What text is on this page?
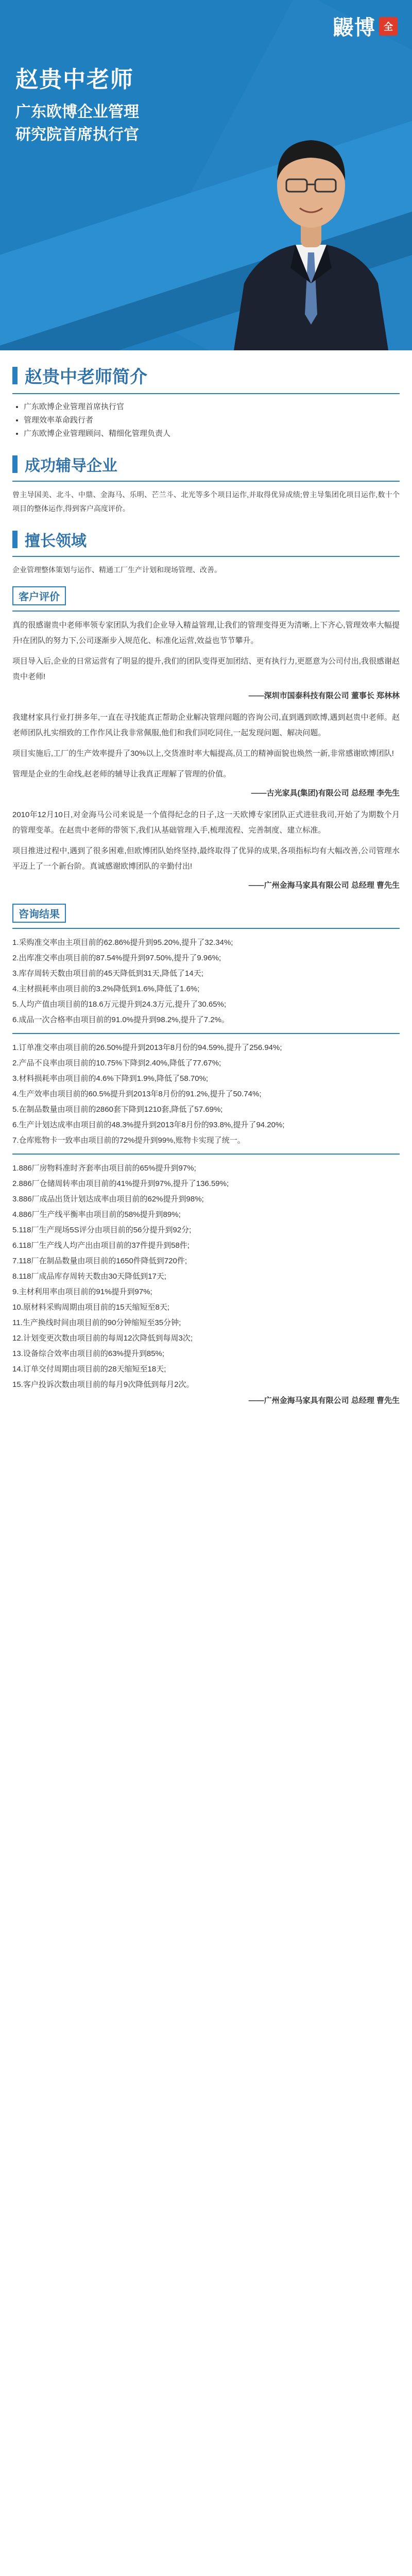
鼹博 全
赵贵中老师
广东欧博企业管理
研究院首席执行官
赵贵中老师简介
• 广东欧博企业管理首席执行官
• 管理效率革命践行者
• 广东欧博企业管理顾问、精细化管理负责人
成功辅导企业

曾主导国美、北斗、中鼎、金海马、乐明、芒兰斗、北光等多个项目运作,并取得优异成绩;曾主导集团化项目运作,数十个项目的整体运作,得到客户高度评价。

擅长领域

企业管理整体策划与运作、精通工厂生产计划和现场管理、改善。

客户评价

真的很感谢贵中老师率领专家团队为我们企业导入精益管理,让我们的管理变得更为清晰,上下齐心,管理效率大幅提升!在团队的努力下,公司逐渐步入规范化、标准化运营,效益也节节攀升。

项目导入后,企业的日常运营有了明显的提升,我们的团队变得更加团结、更有执行力,更愿意为公司付出,我很感谢赵贵中老师!

—— 深圳市国泰科技有限公司 董事长 郑林林

我建材家具行业打拼多年,一直在寻找能真正帮助企业解决管理问题的咨询公司,直到遇到欧博,遇到赵贵中老师。赵老师团队扎实细致的工作作风让我非常佩服,他们和我们同吃同住,一起发现问题、解决问题。

项目实施后,工厂的生产效率提升了30%以上,交货准时率大幅提高,员工的精神面貌也焕然一新,非常感谢欧博团队!

管理是企业的生命线,赵老师的辅导让我真正理解了管理的价值。

—— 古光家具(集团)有限公司 总经理 李先生

2010年12月10日,对金海马公司来说是一个值得纪念的日子,这一天欧博专家团队正式进驻我司,开始了为期数个月的管理变革。在赵贵中老师的带领下,我们从基础管理入手,梳理流程、完善制度、建立标准。

项目推进过程中,遇到了很多困难,但欧博团队始终坚持,最终取得了优异的成果,各项指标均有大幅改善,公司管理水平迈上了一个新台阶。真诚感谢欧博团队的辛勤付出!

—— 广州金海马家具有限公司 总经理 曹先生
咨询结果

1.采购准交率由主项目前的62.86%提升到95.20%,提升了32.34%;

2.出库准交率由项目前的87.54%提升到97.50%,提升了9.96%;

3.库存周转天数由项目前的45天降低到31天,降低了14天;

4.主材损耗率由项目前的3.2%降低到1.6%,降低了1.6%;

5.人均产值由项目前的18.6万元提升到24.3万元,提升了30.65%;

6.成品一次合格率由项目前的91.0%提升到98.2%,提升了7.2%。

1.订单准交率由项目前的26.50%提升到2013年8月份的94.59%,提升了256.94%;

2.产品不良率由项目前的10.75%下降到2.40%,降低了77.67%;

3.材料损耗率由项目前的4.6%下降到1.9%,降低了58.70%;

4.生产效率由项目前的60.5%提升到2013年8月份的91.2%,提升了50.74%;

5.在制品数量由项目前的2860套下降到1210套,降低了57.69%;

6.生产计划达成率由项目前的48.3%提升到2013年8月份的93.8%,提升了94.20%;

7.仓库账物卡一致率由项目前的72%提升到99%,账物卡实现了统一。

1.886厂房物料准时齐套率由项目前的65%提升到97%;

2.886厂仓储周转率由项目前的41%提升到97%,提升了136.59%;

3.886厂成品出货计划达成率由项目前的62%提升到98%;

4.886厂生产线平衡率由项目前的58%提升到89%;

5.118厂生产现场5S评分由项目前的56分提升到92分;

6.118厂生产线人均产出由项目前的37件提升到58件;

7.118厂在制品数量由项目前的1650件降低到720件;

8.118厂成品库存周转天数由30天降低到17天;

9.主材利用率由项目前的91%提升到97%;

10.原材料采购周期由项目前的15天缩短至8天;

11.生产换线时间由项目前的90分钟缩短至35分钟;

12.计划变更次数由项目前的每周12次降低到每周3次;

13.设备综合效率由项目前的63%提升到85%;

14.订单交付周期由项目前的28天缩短至18天;

15.客户投诉次数由项目前的每月9次降低到每月2次。

—— 广州金海马家具有限公司 总经理 曹先生
